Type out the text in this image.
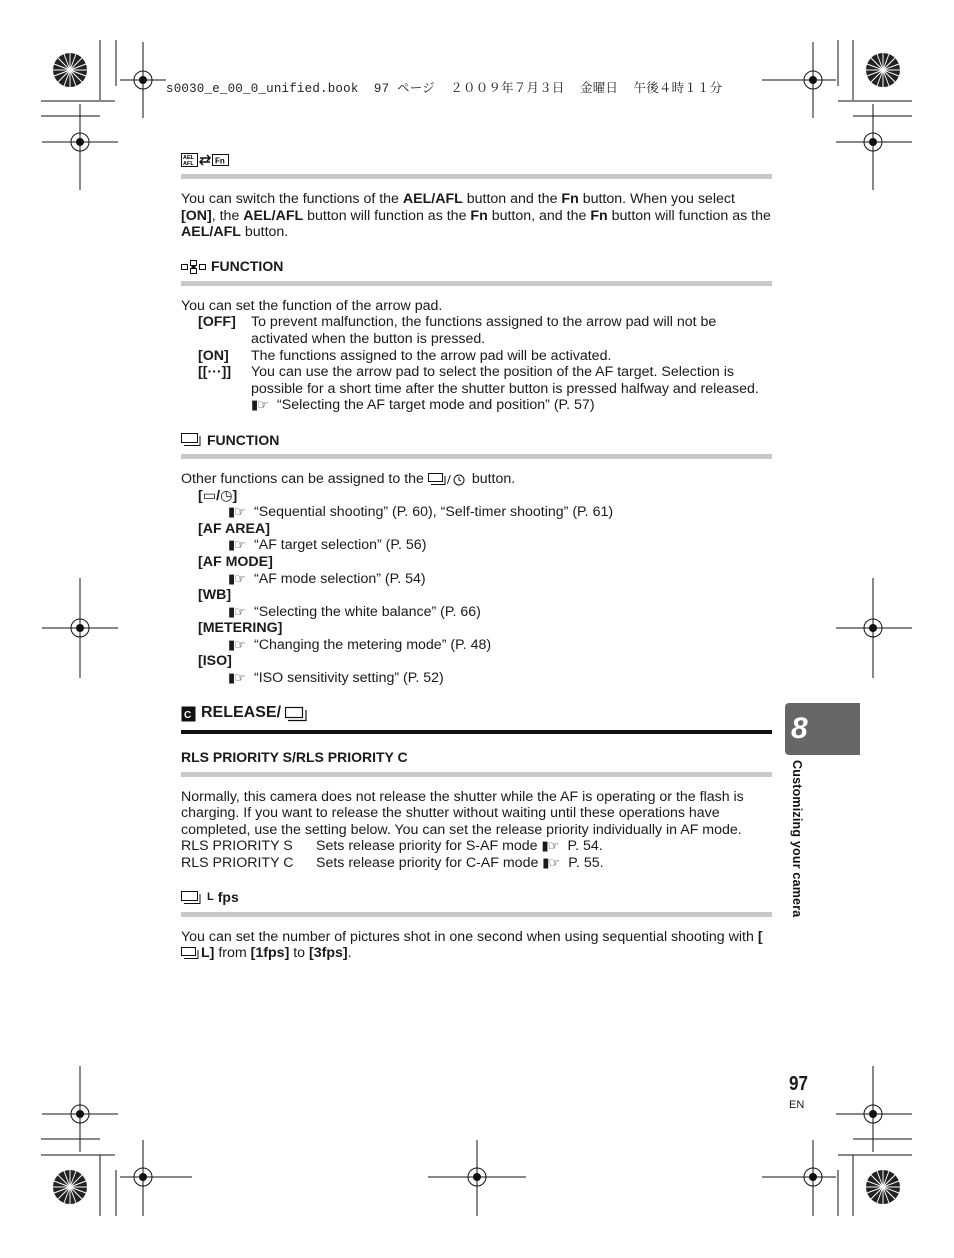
s0030_e_00_0_unified.book  97 ページ  ２００９年７月３日  金曜日  午後４時１１分
AEL
AFL	Fn

You can switch the functions of the AEL/AFL button and the Fn button. When you select [ON], the AEL/AFL button will function as the Fn button, and the Fn button will function as the AEL/AFL button.

FUNCTION

You can set the function of the arrow pad.

[OFF]	To prevent malfunction, the functions assigned to the arrow pad will not be activated when the button is pressed.
[ON]	The functions assigned to the arrow pad will be activated.
[[···]]	You can use the arrow pad to select the position of the AF target. Selection is possible for a short time after the shutter button is pressed halfway and released.
▮☞ “Selecting the AF target mode and position” (P. 57)
FUNCTION

Other functions can be assigned to the / button.

[▭/◷]
▮☞ “Sequential shooting” (P. 60), “Self-timer shooting” (P. 61)
[AF AREA]
▮☞ “AF target selection” (P. 56)
[AF MODE]
▮☞ “AF mode selection” (P. 54)
[WB]
▮☞ “Selecting the white balance” (P. 66)
[METERING]
▮☞ “Changing the metering mode” (P. 48)
[ISO]
▮☞ “ISO sensitivity setting” (P. 52)
C RELEASE/
RLS PRIORITY S/RLS PRIORITY C

Normally, this camera does not release the shutter while the AF is operating or the flash is charging. If you want to release the shutter without waiting until these operations have completed, use the setting below. You can set the release priority individually in AF mode.

RLS PRIORITY S	Sets release priority for S-AF mode ▮☞ P. 54.
RLS PRIORITY C	Sets release priority for C-AF mode ▮☞ P. 55.
L fps

You can set the number of pictures shot in one second when using sequential shooting with [L] from [1fps] to [3fps].

8
Customizing your camera
97
EN
